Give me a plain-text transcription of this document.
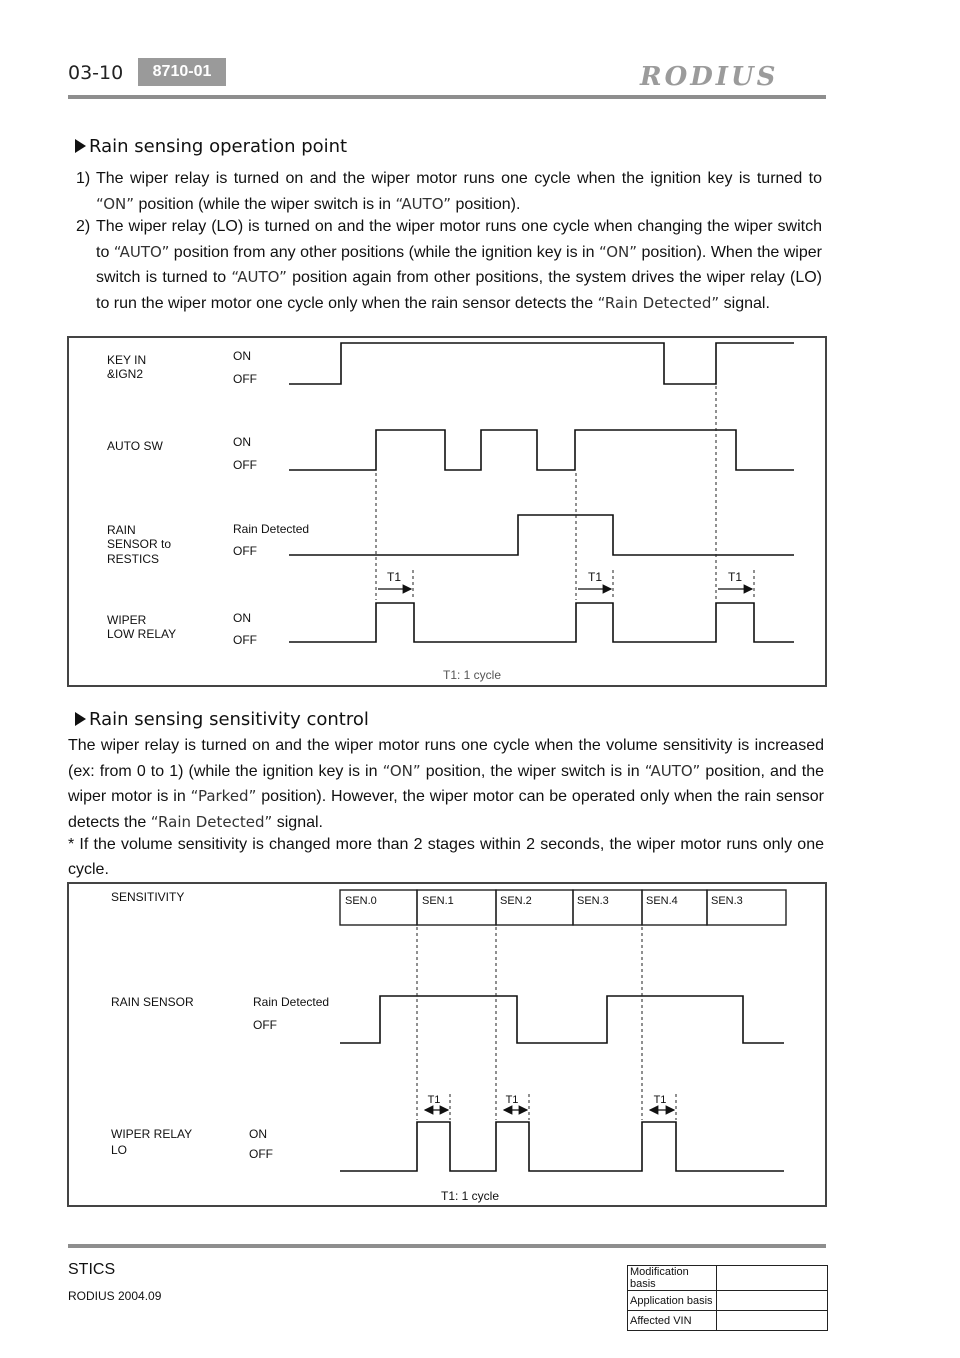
03-10	8710-01	RODIUS
Rain sensing operation point
1) The wiper relay is turned on and the wiper motor runs one cycle when the ignition key is turned to “ON” position (while the wiper switch is in “AUTO” position).
2) The wiper relay (LO) is turned on and the wiper motor runs one cycle when changing the wiper switch to “AUTO” position from any other positions (while the ignition key is in “ON” position). When the wiper switch is turned to “AUTO” position again from other positions, the system drives the wiper relay (LO) to run the wiper motor one cycle only when the rain sensor detects the “Rain Detected” signal.
KEY IN
&IGN2
ON
OFF
AUTO SW	ON
OFF
RAIN
SENSOR to
RESTICS
Rain Detected
OFF
WIPER
LOW RELAY
ON
OFF
T1	T1	T1
T1: 1 cycle
Rain sensing sensitivity control
The wiper relay is turned on and the wiper motor runs one cycle when the volume sensitivity is increased (ex: from 0 to 1) (while the ignition key is in “ON” position, the wiper switch is in “AUTO” position, and the wiper motor is in “Parked” position). However, the wiper motor can be operated only when the rain sensor detects the “Rain Detected” signal.
* If the volume sensitivity is changed more than 2 stages within 2 seconds, the wiper motor runs only one cycle.
SENSITIVITY
RAIN SENSOR	Rain Detected
OFF
WIPER RELAY
LO
ON
OFF
SEN.0	SEN.1	SEN.2	SEN.3	SEN.4	SEN.3
T1	T1	T1
T1: 1 cycle
STICS
RODIUS 2004.09
Modification basis	
Application basis	
Affected VIN	
